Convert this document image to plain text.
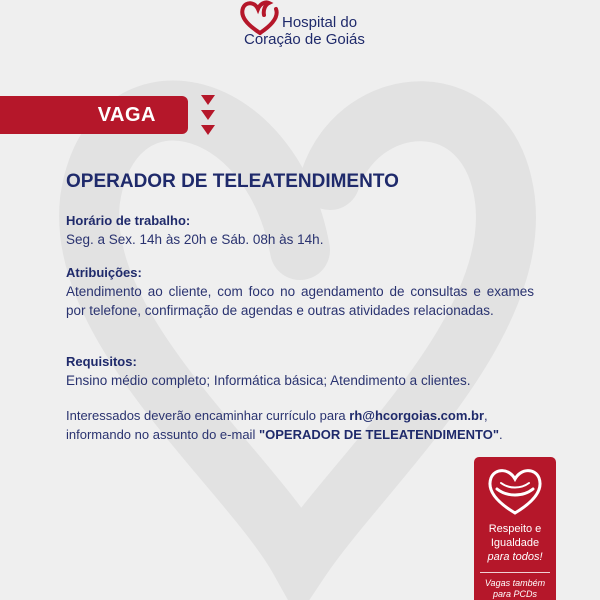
Hospital do
Coração de Goiás
VAGA
OPERADOR DE TELEATENDIMENTO

Horário de trabalho:

Seg. a Sex. 14h às 20h e Sáb. 08h às 14h.

Atribuições:

Atendimento ao cliente, com foco no agendamento de consultas e exames por telefone, confirmação de agendas e outras atividades relacionadas.

Requisitos:

Ensino médio completo; Informática básica; Atendimento a clientes.

Interessados deverão encaminhar currículo para rh@hcorgoias.com.br,
informando no assunto do e-mail "OPERADOR DE TELEATENDIMENTO".

Respeito e
Igualdade
para todos!
Vagas também
para PCDs
